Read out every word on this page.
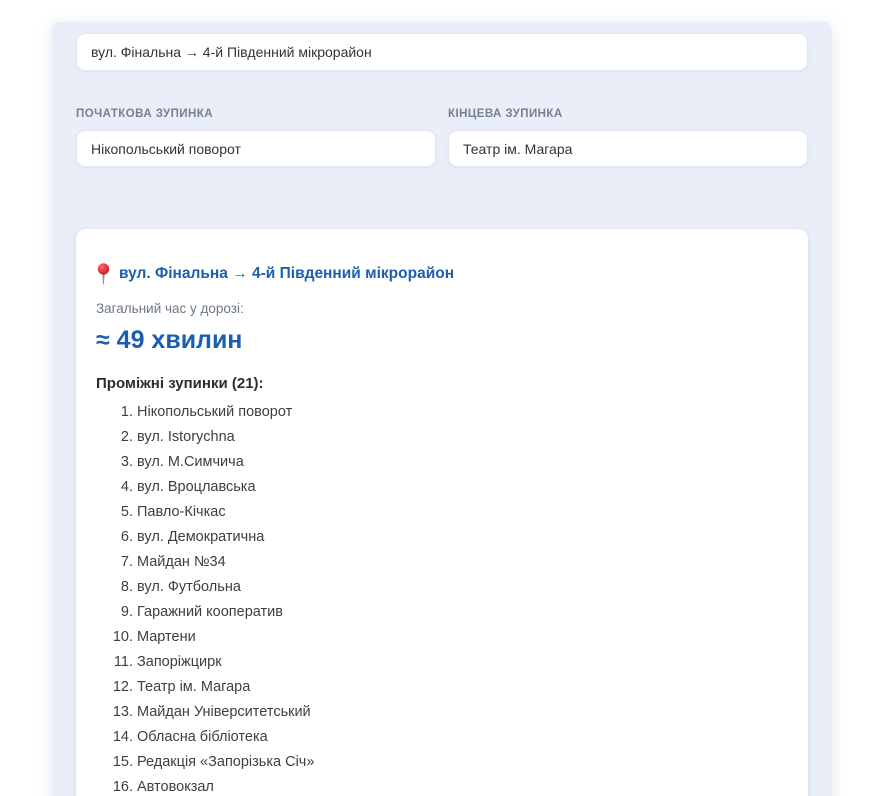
вул. Фінальна → 4-й Південний мікрорайон
ПОЧАТКОВА ЗУПИНКА
Нікопольський поворот	КІНЦЕВА ЗУПИНКА
Театр ім. Магара
вул. Фінальна → 4-й Південний мікрорайон
Загальний час у дорозі:
≈ 49 хвилин
Проміжні зупинки (21):
1. Нікопольський поворот
2. вул. Istorychna
3. вул. М.Симчича
4. вул. Вроцлавська
5. Павло-Кічкас
6. вул. Демократична
7. Майдан №34
8. вул. Футбольна
9. Гаражний кооператив
10. Мартени
11. Запоріжцирк
12. Театр ім. Магара
13. Майдан Університетський
14. Обласна бібліотека
15. Редакція «Запорізька Січ»
16. Автовокзал
